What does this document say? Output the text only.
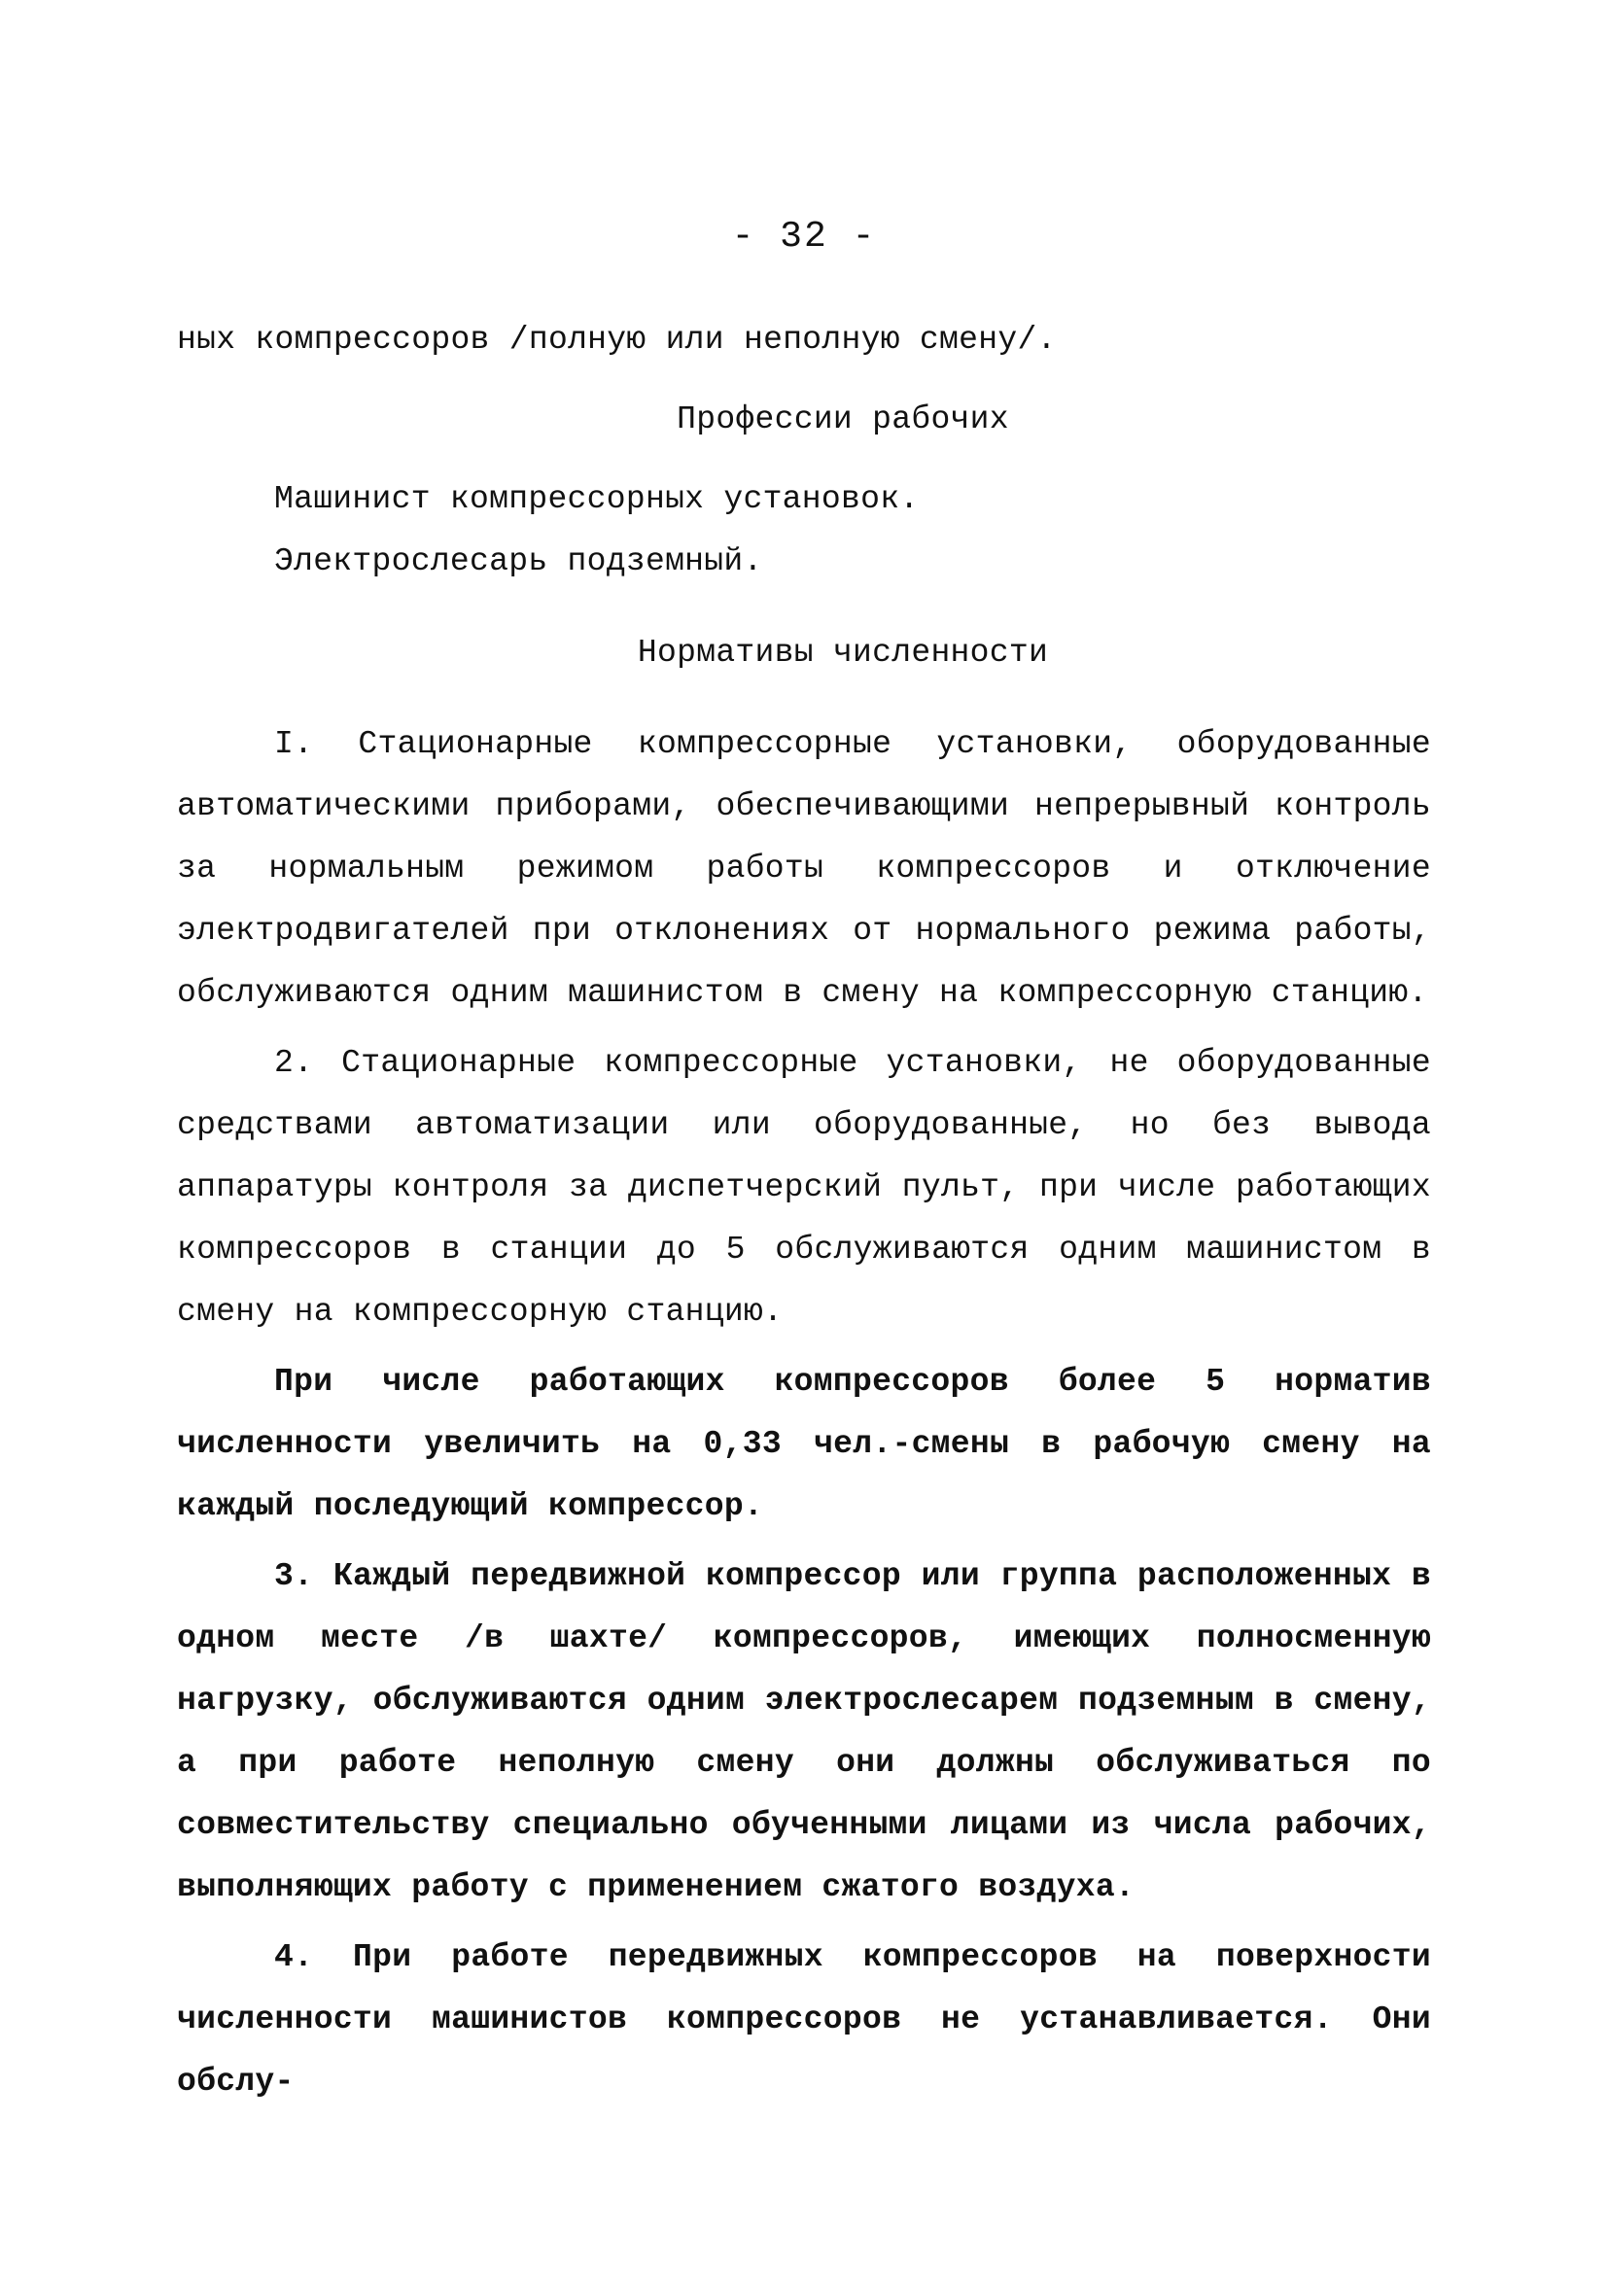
- 32 -
ных компрессоров /полную или неполную смену/.
Профессии рабочих
Машинист компрессорных установок.
Электрослесарь подземный.
Нормативы численности

I. Стационарные компрессорные установки, оборудованные автоматическими приборами, обеспечивающими непрерывный контроль за нормальным режимом работы компрессоров и отключение электродвигателей при отклонениях от нормального режима работы, обслуживаются одним машинистом в смену на компрессорную станцию.

2. Стационарные компрессорные установки, не оборудованные средствами автоматизации или оборудованные, но без вывода аппаратуры контроля за диспетчерский пульт, при числе работающих компрессоров в станции до 5 обслуживаются одним машинистом в смену на компрессорную станцию.

При числе работающих компрессоров более 5 норматив численности увеличить на 0,33 чел.-смены в рабочую смену на каждый последующий компрессор.

3. Каждый передвижной компрессор или группа расположенных в одном месте /в шахте/ компрессоров, имеющих полносменную нагрузку, обслуживаются одним электрослесарем подземным в смену, а при работе неполную смену они должны обслуживаться по совместительству специально обученными лицами из числа рабочих, выполняющих работу с применением сжатого воздуха.

4. При работе передвижных компрессоров на поверхности численности машинистов компрессоров не устанавливается. Они обслу-
